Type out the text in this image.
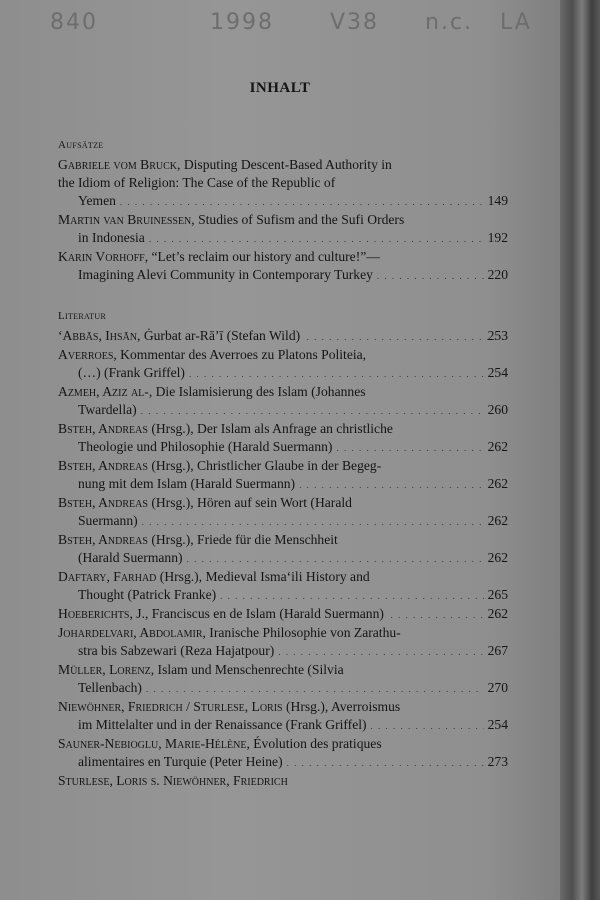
840	1998	V38 n.c. LA
INHALT
Aufsätze
Gabriele vom Bruck, Disputing Descent-Based Authority in
the Idiom of Religion: The Case of the Republic of
Yemen . . .	149
Martin van Bruinessen, Studies of Sufism and the Sufi Orders
in Indonesia . . .	192
Karin Vorhoff, “Let’s reclaim our history and culture!”—
Imagining Alevi Community in Contemporary Turkey . . .	220
Literatur
ʻAbbās, Ihsān, Ġurbat ar-Rāʼī (Stefan Wild) . . .	253
Averroes, Kommentar des Averroes zu Platons Politeia,
(…) (Frank Griffel) . . .	254
Azmeh, Aziz al-, Die Islamisierung des Islam (Johannes
Twardella) . . .	260
Bsteh, Andreas (Hrsg.), Der Islam als Anfrage an christliche
Theologie und Philosophie (Harald Suermann) . . .	262
Bsteh, Andreas (Hrsg.), Christlicher Glaube in der Begeg-
nung mit dem Islam (Harald Suermann) . . .	262
Bsteh, Andreas (Hrsg.), Hören auf sein Wort (Harald
Suermann) . . .	262
Bsteh, Andreas (Hrsg.), Friede für die Menschheit
(Harald Suermann) . . .	262
Daftary, Farhad (Hrsg.), Medieval Ismaʻili History and
Thought (Patrick Franke) . . .	265
Hoeberichts, J., Franciscus en de Islam (Harald Suermann) . . .	262
Johardelvari, Abdolamir, Iranische Philosophie von Zarathu-
stra bis Sabzewari (Reza Hajatpour) . . .	267
Müller, Lorenz, Islam und Menschenrechte (Silvia
Tellenbach) . . .	270
Niewöhner, Friedrich / Sturlese, Loris (Hrsg.), Averroismus
im Mittelalter und in der Renaissance (Frank Griffel) . . .	254
Sauner-Nebioglu, Marie-Hélène, Évolution des pratiques
alimentaires en Turquie (Peter Heine) . . .	273
Sturlese, Loris s. Niewöhner, Friedrich
